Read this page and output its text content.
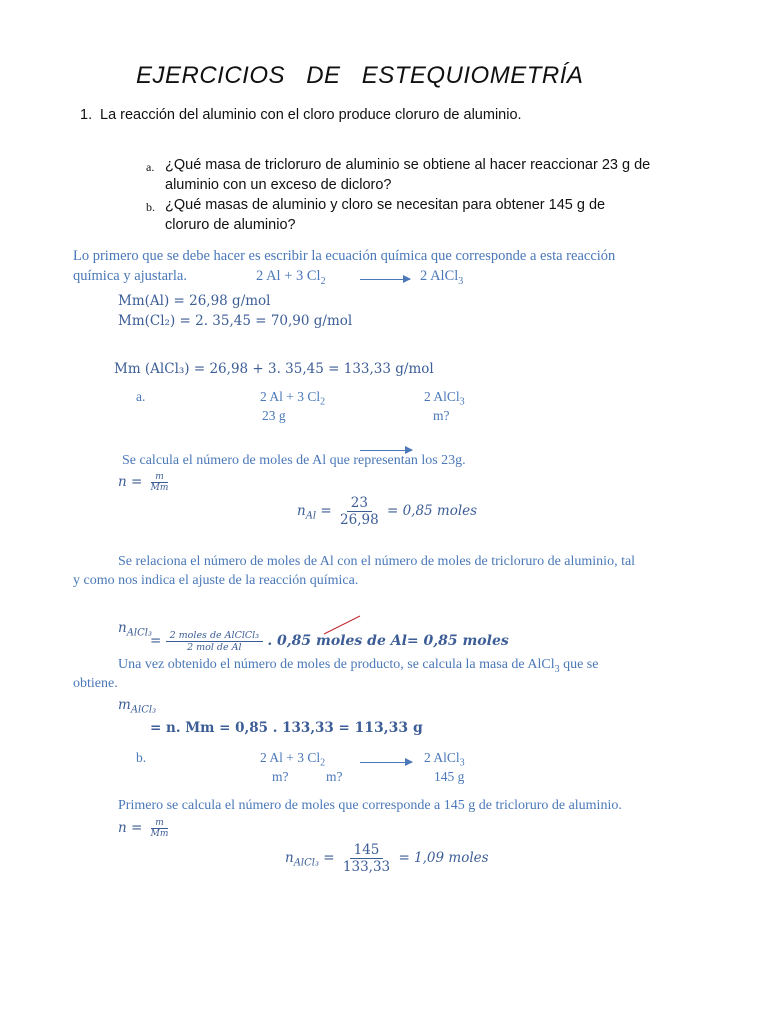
EJERCICIOS DE ESTEQUIOMETRÍA
1. La reacción del aluminio con el cloro produce cloruro de aluminio.
a. ¿Qué masa de tricloruro de aluminio se obtiene al hacer reaccionar 23 g de
aluminio con un exceso de dicloro?
b. ¿Qué masas de aluminio y cloro se necesitan para obtener 145 g de
cloruro de aluminio?
Lo primero que se debe hacer es escribir la ecuación química que corresponde a esta reacción
química y ajustarla.	2 Al + 3 $Cl_2 \to 2$ AlCl$_3$
Mm(Al) = 26,98 g/mol
Mm(Cl₂) = 2. 35,45 = 70,90 g/mol
Mm (AlCl₃) = 26,98 + 3. 35,45 = 133,33 g/mol
a.	2 Al + 3 $Cl_2$	2 AlCl$_3$
23 g	m?
Se calcula el número de moles de Al que representan los 23g.
$n = \frac{m}{Mm}$
$n_{Al} = \frac{23}{26,98} = 0,85$ moles
Se relaciona el número de moles de Al con el número de moles de tricloruro de aluminio, tal
y como nos indica el ajuste de la reacción química.
$n_{AlCl_3}$
= $\frac{\text{2 moles de AlClCl₃}}{\text{2 mol de Al}}$ . 0,85 moles de Al= 0,85 moles
Una vez obtenido el número de moles de producto, se calcula la masa de AlCl$_3$ que se
obtiene.
$m_{AlCl_3}$
= n. Mm = 0,85 . 133,33 = 113,33 g
b.	2 Al + 3 $Cl_2$	2 AlCl$_3$
m?	m?	145 g
Primero se calcula el número de moles que corresponde a 145 g de tricloruro de aluminio.
$n = \frac{m}{Mm}$
$n_{AlCl_3} = \frac{145}{133,33} = 1,09$ moles
